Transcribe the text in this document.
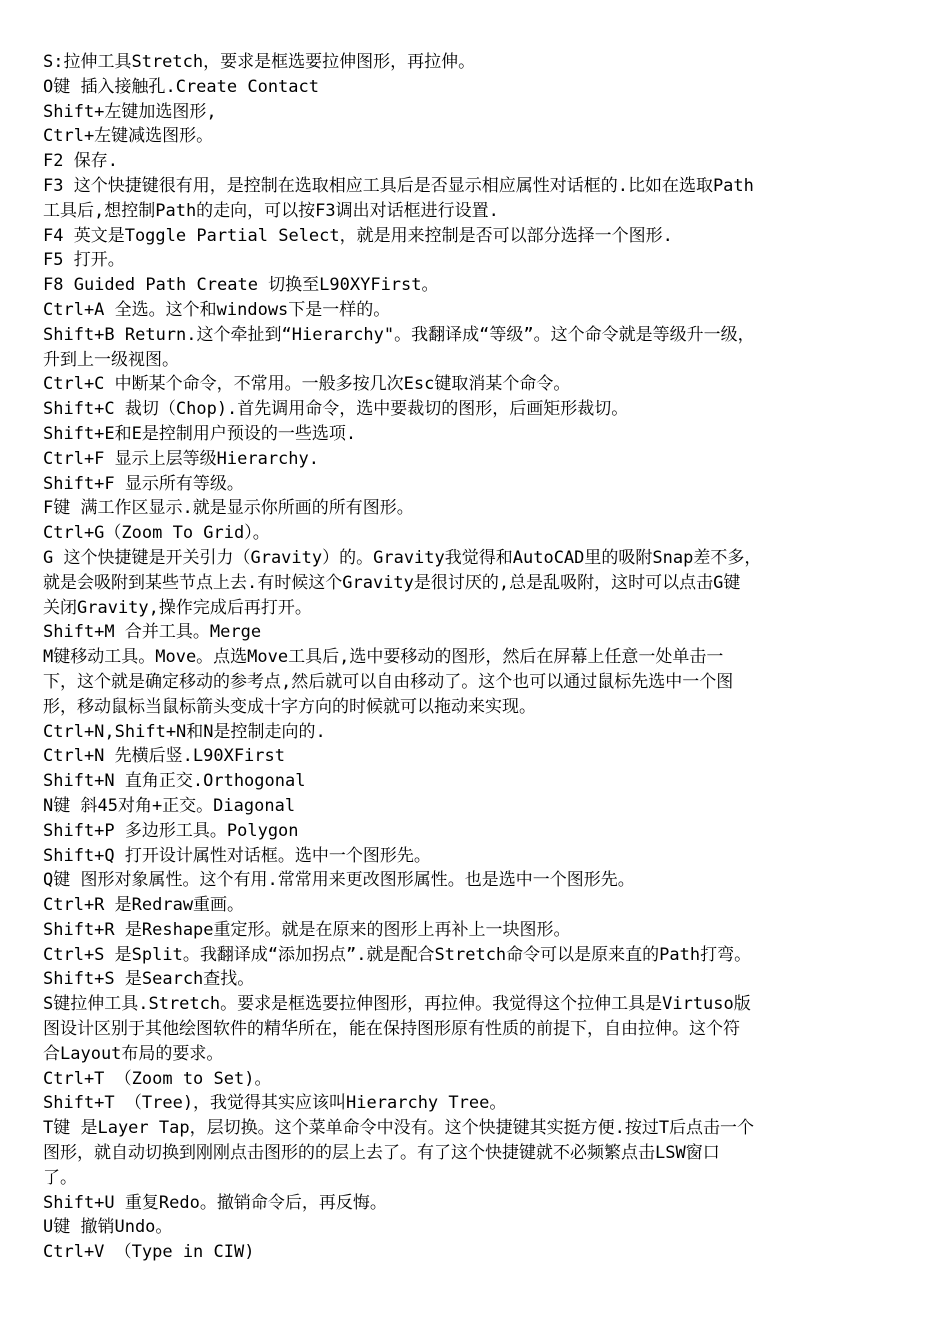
S:拉伸工具Stretch，要求是框选要拉伸图形，再拉伸。
O键 插入接触孔.Create Contact
Shift+左键加选图形,
Ctrl+左键减选图形。
F2 保存.
F3 这个快捷键很有用，是控制在选取相应工具后是否显示相应属性对话框的.比如在选取Path
工具后,想控制Path的走向，可以按F3调出对话框进行设置.
F4 英文是Toggle Partial Select，就是用来控制是否可以部分选择一个图形.
F5 打开。
F8 Guided Path Create 切换至L90XYFirst。
Ctrl+A 全选。这个和windows下是一样的。
Shift+B Return.这个牵扯到“Hierarchy"。我翻译成“等级”。这个命令就是等级升一级，
升到上一级视图。
Ctrl+C 中断某个命令，不常用。一般多按几次Esc键取消某个命令。
Shift+C 裁切（Chop).首先调用命令，选中要裁切的图形，后画矩形裁切。
Shift+E和E是控制用户预设的一些选项.
Ctrl+F 显示上层等级Hierarchy.
Shift+F 显示所有等级。
F键 满工作区显示.就是显示你所画的所有图形。
Ctrl+G（Zoom To Grid）。
G 这个快捷键是开关引力（Gravity）的。Gravity我觉得和AutoCAD里的吸附Snap差不多，
就是会吸附到某些节点上去.有时候这个Gravity是很讨厌的,总是乱吸附，这时可以点击G键
关闭Gravity,操作完成后再打开。
Shift+M 合并工具。Merge
M键移动工具。Move。点选Move工具后,选中要移动的图形，然后在屏幕上任意一处单击一
下，这个就是确定移动的参考点,然后就可以自由移动了。这个也可以通过鼠标先选中一个图
形，移动鼠标当鼠标箭头变成十字方向的时候就可以拖动来实现。
Ctrl+N,Shift+N和N是控制走向的.
Ctrl+N 先横后竖.L90XFirst
Shift+N 直角正交.Orthogonal
N键 斜45对角+正交。Diagonal
Shift+P 多边形工具。Polygon
Shift+Q 打开设计属性对话框。选中一个图形先。
Q键 图形对象属性。这个有用.常常用来更改图形属性。也是选中一个图形先。
Ctrl+R 是Redraw重画。
Shift+R 是Reshape重定形。就是在原来的图形上再补上一块图形。
Ctrl+S 是Split。我翻译成“添加拐点”.就是配合Stretch命令可以是原来直的Path打弯。
Shift+S 是Search查找。
S键拉伸工具.Stretch。要求是框选要拉伸图形，再拉伸。我觉得这个拉伸工具是Virtuso版
图设计区别于其他绘图软件的精华所在，能在保持图形原有性质的前提下，自由拉伸。这个符
合Layout布局的要求。
Ctrl+T （Zoom to Set)。
Shift+T （Tree)，我觉得其实应该叫Hierarchy Tree。
T键 是Layer Tap，层切换。这个菜单命令中没有。这个快捷键其实挺方便.按过T后点击一个
图形，就自动切换到刚刚点击图形的的层上去了。有了这个快捷键就不必频繁点击LSW窗口
了。
Shift+U 重复Redo。撤销命令后，再反悔。
U键 撤销Undo。
Ctrl+V （Type in CIW)
